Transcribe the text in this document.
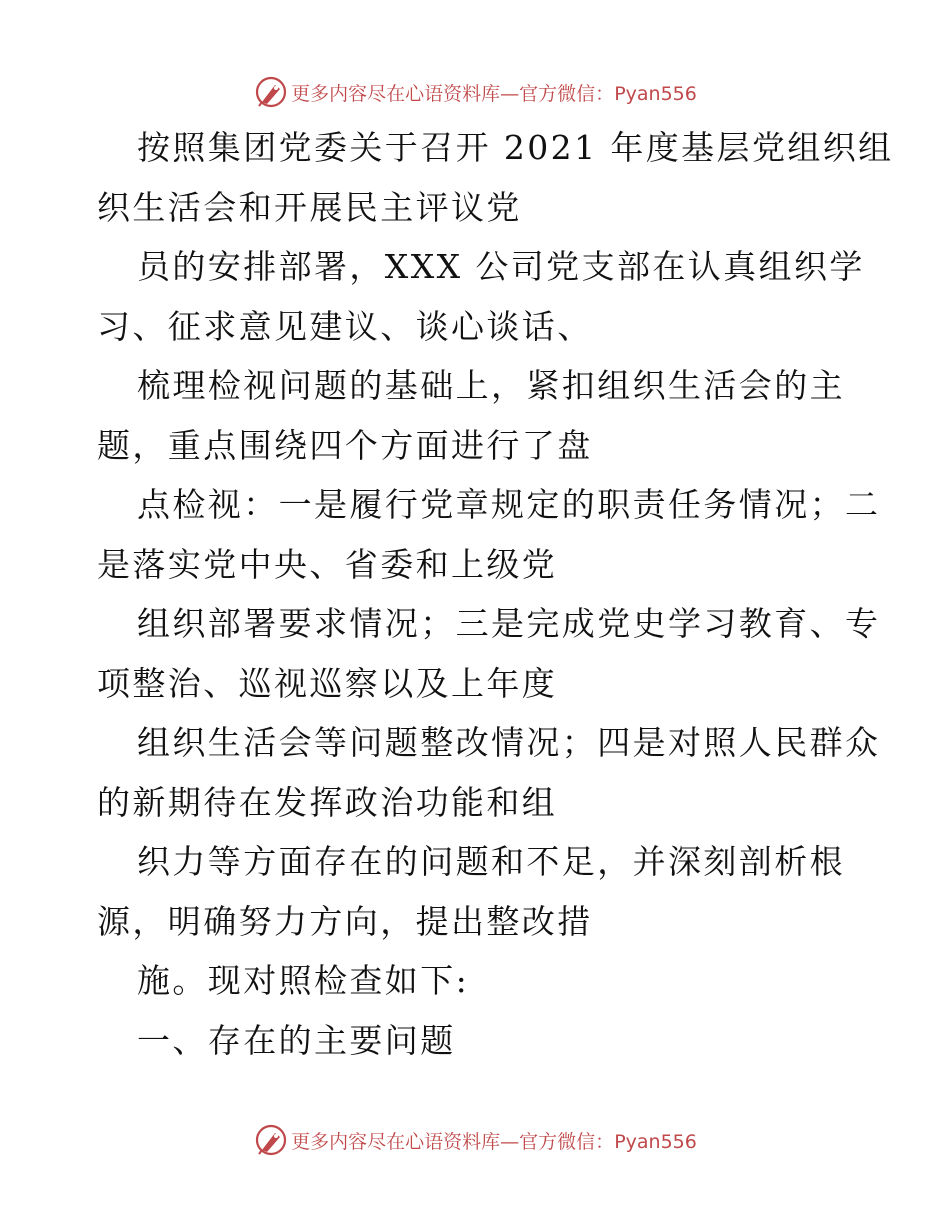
更多内容尽在心语资料库—官方微信：Pyan556
按照集团党委关于召开 2021 年度基层党组织组
织生活会和开展民主评议党
员的安排部署，XXX 公司党支部在认真组织学
习、征求意见建议、谈心谈话、
梳理检视问题的基础上，紧扣组织生活会的主
题，重点围绕四个方面进行了盘
点检视：一是履行党章规定的职责任务情况；二
是落实党中央、省委和上级党
组织部署要求情况；三是完成党史学习教育、专
项整治、巡视巡察以及上年度
组织生活会等问题整改情况；四是对照人民群众
的新期待在发挥政治功能和组
织力等方面存在的问题和不足，并深刻剖析根
源，明确努力方向，提出整改措
施。现对照检查如下:
一、存在的主要问题
更多内容尽在心语资料库—官方微信：Pyan556
